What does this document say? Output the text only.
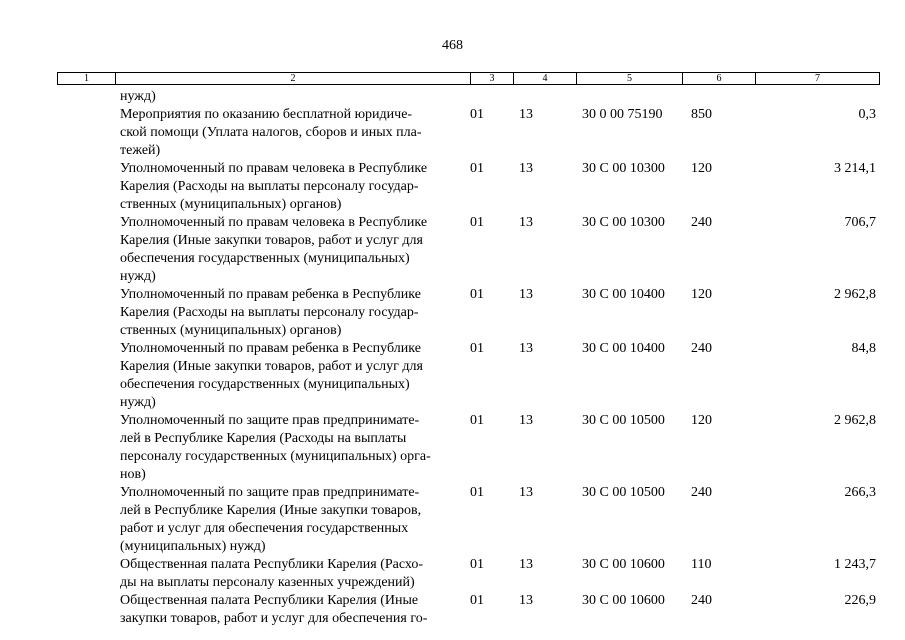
468
1	2	3	4	5	6	7
нужд)
Мероприятия по оказанию бесплатной юридиче-
ской помощи (Уплата налогов, сборов и иных пла-
тежей)
01	13	30 0 00 75190 850	0,3
Уполномоченный по правам человека в Республике
Карелия (Расходы на выплаты персоналу государ-
ственных (муниципальных) органов)
01	13	30 С 00 10300 120	3 214,1
Уполномоченный по правам человека в Республике
Карелия (Иные закупки товаров, работ и услуг для
обеспечения государственных (муниципальных)
нужд)
01	13	30 С 00 10300 240	706,7
Уполномоченный по правам ребенка в Республике
Карелия (Расходы на выплаты персоналу государ-
ственных (муниципальных) органов)
01	13	30 С 00 10400 120	2 962,8
Уполномоченный по правам ребенка в Республике
Карелия (Иные закупки товаров, работ и услуг для
обеспечения государственных (муниципальных)
нужд)
01	13	30 С 00 10400 240	84,8
Уполномоченный по защите прав предпринимате-
лей в Республике Карелия (Расходы на выплаты
персоналу государственных (муниципальных) орга-
нов)
01	13	30 С 00 10500 120	2 962,8
Уполномоченный по защите прав предпринимате-
лей в Республике Карелия (Иные закупки товаров,
работ и услуг для обеспечения государственных
(муниципальных) нужд)
01	13	30 С 00 10500 240	266,3
Общественная палата Республики Карелия (Расхо-
ды на выплаты персоналу казенных учреждений)
01	13	30 С 00 10600 110	1 243,7
Общественная палата Республики Карелия (Иные
закупки товаров, работ и услуг для обеспечения го-
01	13	30 С 00 10600 240	226,9
